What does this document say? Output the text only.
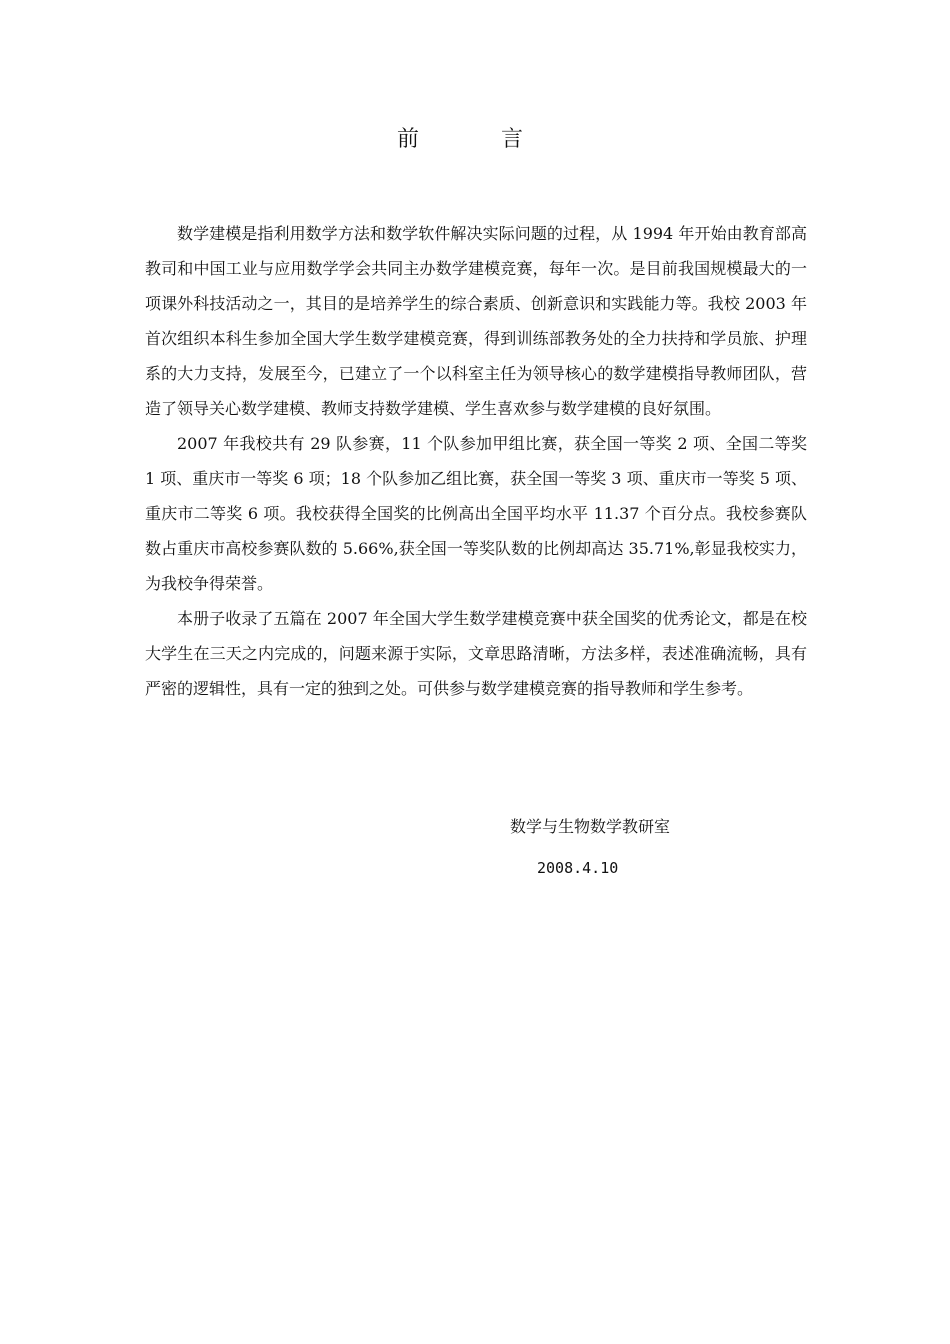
前　言

数学建模是指利用数学方法和数学软件解决实际问题的过程，从 1994 年开始由教育部高教司和中国工业与应用数学学会共同主办数学建模竞赛，每年一次。是目前我国规模最大的一项课外科技活动之一，其目的是培养学生的综合素质、创新意识和实践能力等。我校 2003 年首次组织本科生参加全国大学生数学建模竞赛，得到训练部教务处的全力扶持和学员旅、护理系的大力支持，发展至今，已建立了一个以科室主任为领导核心的数学建模指导教师团队，营造了领导关心数学建模、教师支持数学建模、学生喜欢参与数学建模的良好氛围。

2007 年我校共有 29 队参赛，11 个队参加甲组比赛，获全国一等奖 2 项、全国二等奖 1 项、重庆市一等奖 6 项；18 个队参加乙组比赛，获全国一等奖 3 项、重庆市一等奖 5 项、重庆市二等奖 6 项。我校获得全国奖的比例高出全国平均水平 11.37 个百分点。我校参赛队数占重庆市高校参赛队数的 5.66%,获全国一等奖队数的比例却高达 35.71%,彰显我校实力，为我校争得荣誉。

本册子收录了五篇在 2007 年全国大学生数学建模竞赛中获全国奖的优秀论文，都是在校大学生在三天之内完成的，问题来源于实际，文章思路清晰，方法多样，表述准确流畅，具有严密的逻辑性，具有一定的独到之处。可供参与数学建模竞赛的指导教师和学生参考。

数学与生物数学教研室
2008.4.10
